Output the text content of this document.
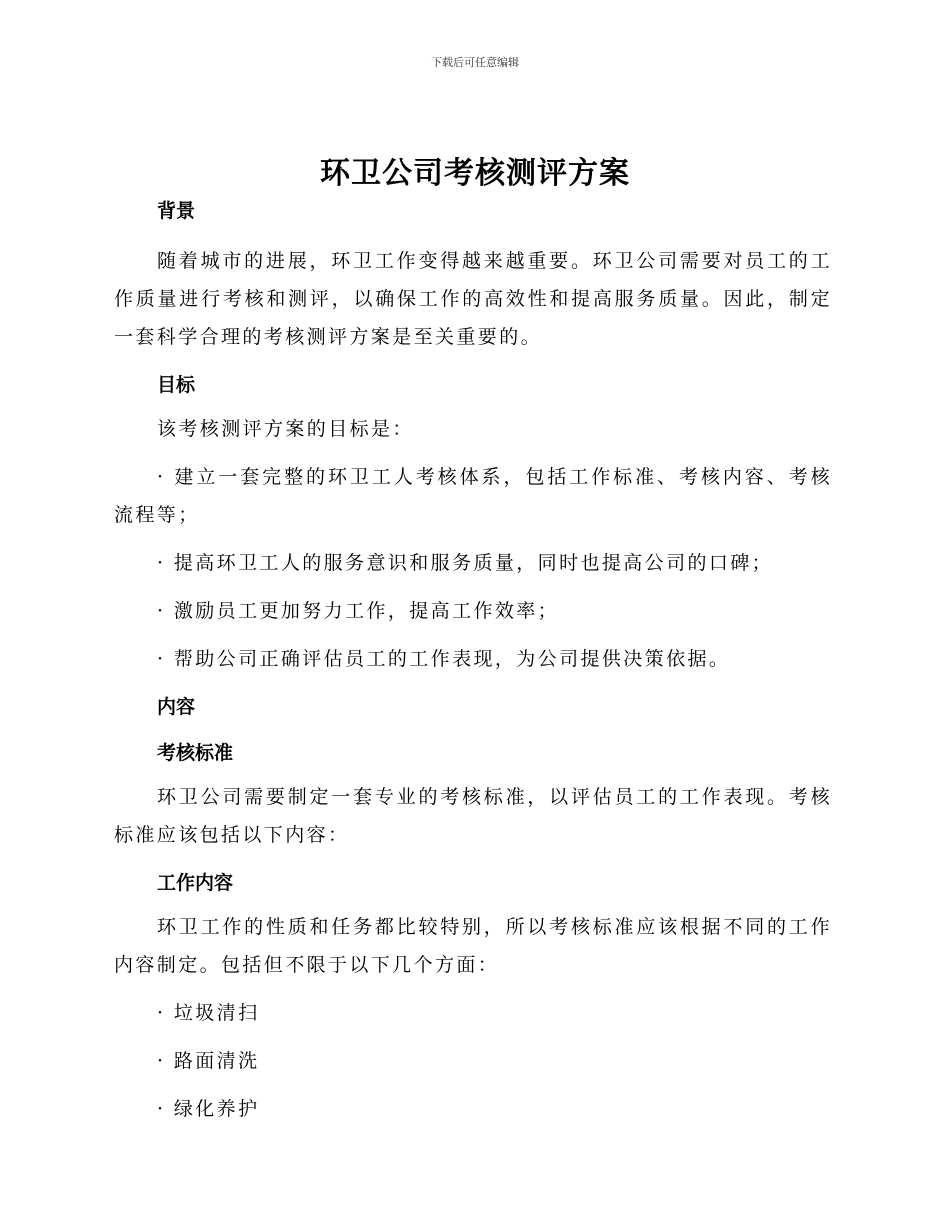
下载后可任意编辑
环卫公司考核测评方案
背景

随着城市的进展，环卫工作变得越来越重要。环卫公司需要对员工的工作质量进行考核和测评，以确保工作的高效性和提高服务质量。因此，制定一套科学合理的考核测评方案是至关重要的。

目标

该考核测评方案的目标是：

· 建立一套完整的环卫工人考核体系，包括工作标准、考核内容、考核流程等；

· 提高环卫工人的服务意识和服务质量，同时也提高公司的口碑；

· 激励员工更加努力工作，提高工作效率；

· 帮助公司正确评估员工的工作表现，为公司提供决策依据。

内容
考核标准

环卫公司需要制定一套专业的考核标准，以评估员工的工作表现。考核标准应该包括以下内容：

工作内容

环卫工作的性质和任务都比较特别，所以考核标准应该根据不同的工作内容制定。包括但不限于以下几个方面：

· 垃圾清扫

· 路面清洗

· 绿化养护
